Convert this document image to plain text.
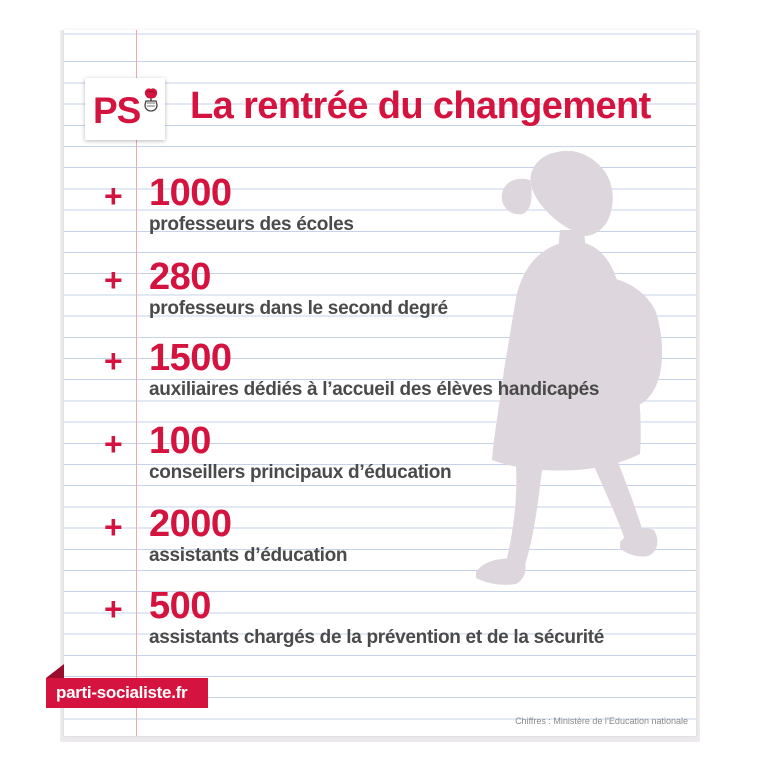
PS La rentrée du changement
+ 1000
professeurs des écoles
+ 280
professeurs dans le second degré
+ 1500
auxiliaires dédiés à l’accueil des élèves handicapés
+ 100
conseillers principaux d’éducation
+ 2000
assistants d’éducation
+ 500
assistants chargés de la prévention et de la sécurité
parti-socialiste.fr
Chiffres : Ministère de l’Education nationale
